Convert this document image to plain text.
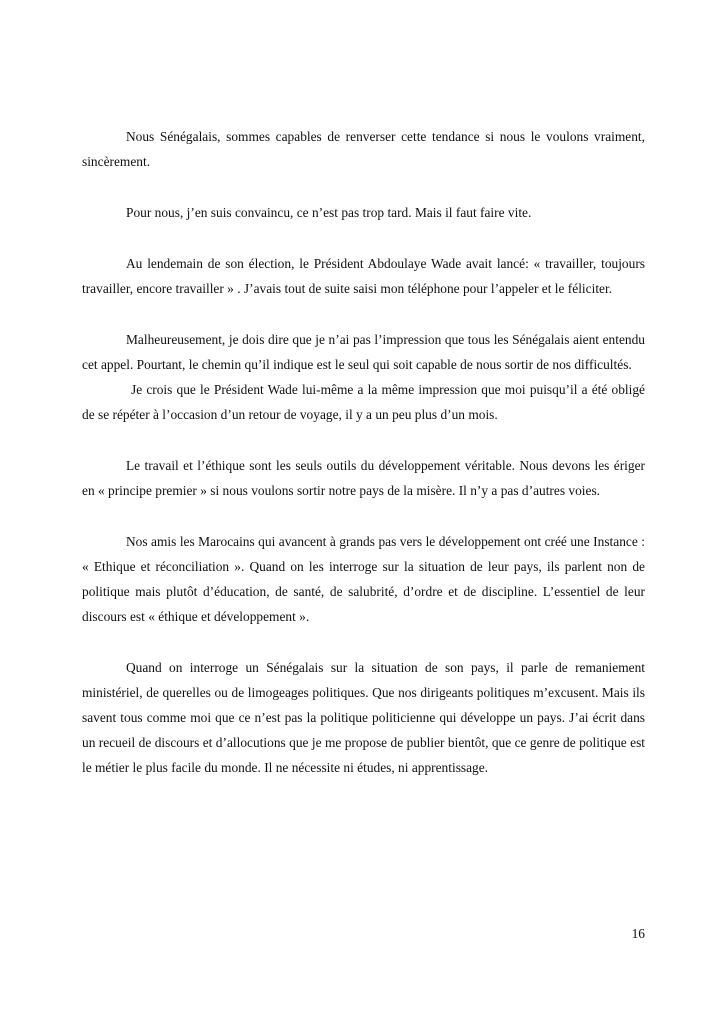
Nous Sénégalais, sommes capables de renverser cette tendance si nous le voulons vraiment, sincèrement.

Pour nous, j’en suis convaincu, ce n’est pas trop tard. Mais il faut faire vite.

Au lendemain de son élection, le Président Abdoulaye Wade avait lancé: « travailler, toujours travailler, encore travailler » . J’avais tout de suite saisi mon téléphone pour l’appeler et le féliciter.

Malheureusement, je dois dire que je n’ai pas l’impression que tous les Sénégalais aient entendu cet appel. Pourtant, le chemin qu’il indique est le seul qui soit capable de nous sortir de nos difficultés.

Je crois que le Président Wade lui-même a la même impression que moi puisqu’il a été obligé de se répéter à l’occasion d’un retour de voyage, il y a un peu plus d’un mois.

Le travail et l’éthique sont les seuls outils du développement véritable. Nous devons les ériger en « principe premier » si nous voulons sortir notre pays de la misère. Il n’y a pas d’autres voies.

Nos amis les Marocains qui avancent à grands pas vers le développement ont créé une Instance : « Ethique et réconciliation ». Quand on les interroge sur la situation de leur pays, ils parlent non de politique mais plutôt d’éducation, de santé, de salubrité, d’ordre et de discipline. L’essentiel de leur discours est « éthique et développement ».

Quand on interroge un Sénégalais sur la situation de son pays, il parle de remaniement ministériel, de querelles ou de limogeages politiques. Que nos dirigeants politiques m’excusent. Mais ils savent tous comme moi que ce n’est pas la politique politicienne qui développe un pays. J’ai écrit dans un recueil de discours et d’allocutions que je me propose de publier bientôt, que ce genre de politique est le métier le plus facile du monde. Il ne nécessite ni études, ni apprentissage.

16
